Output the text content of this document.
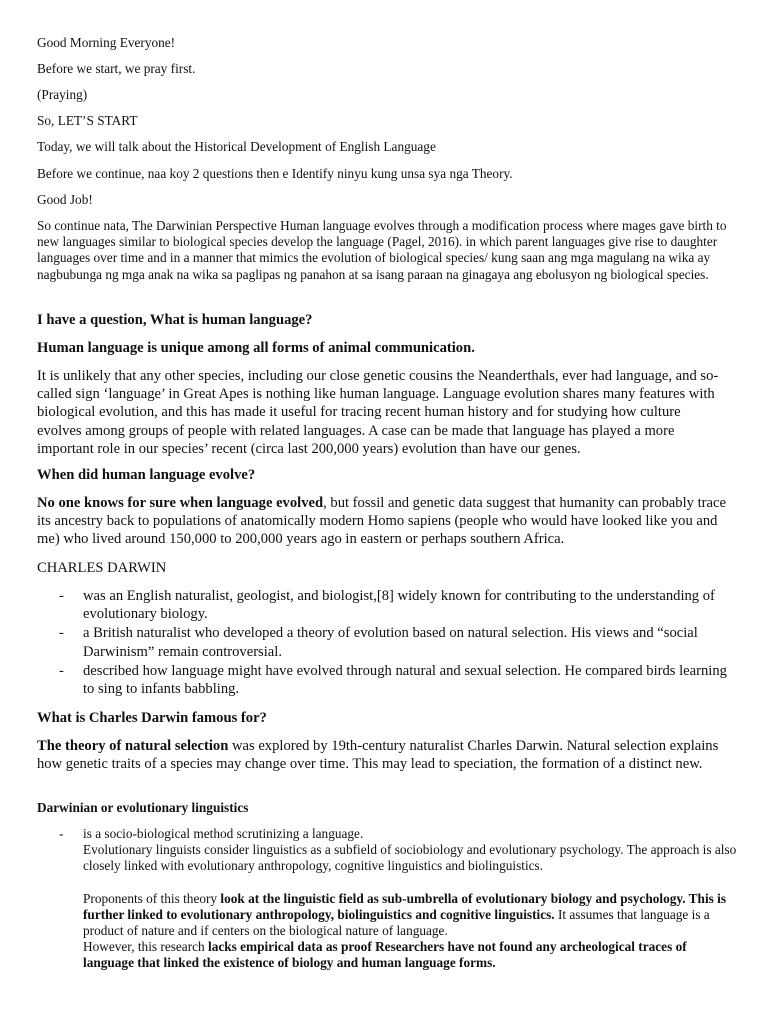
Good Morning Everyone!

Before we start, we pray first.

(Praying)

So, LET’S START

Today, we will talk about the Historical Development of English Language

Before we continue, naa koy 2 questions then e Identify ninyu kung unsa sya nga Theory.

Good Job!

So continue nata, The Darwinian Perspective Human language evolves through a modification process where mages gave birth to new languages similar to biological species develop the language (Pagel, 2016). in which parent languages give rise to daughter languages over time and in a manner that mimics the evolution of biological species/ kung saan ang mga magulang na wika ay nagbubunga ng mga anak na wika sa paglipas ng panahon at sa isang paraan na ginagaya ang ebolusyon ng biological species.

I have a question, What is human language?

Human language is unique among all forms of animal communication.

It is unlikely that any other species, including our close genetic cousins the Neanderthals, ever had language, and so-called sign ‘language’ in Great Apes is nothing like human language. Language evolution shares many features with biological evolution, and this has made it useful for tracing recent human history and for studying how culture evolves among groups of people with related languages. A case can be made that language has played a more important role in our species’ recent (circa last 200,000 years) evolution than have our genes.

When did human language evolve?

No one knows for sure when language evolved, but fossil and genetic data suggest that humanity can probably trace its ancestry back to populations of anatomically modern Homo sapiens (people who would have looked like you and me) who lived around 150,000 to 200,000 years ago in eastern or perhaps southern Africa.

CHARLES DARWIN

- was an English naturalist, geologist, and biologist,[8] widely known for contributing to the understanding of evolutionary biology.
- a British naturalist who developed a theory of evolution based on natural selection. His views and “social Darwinism” remain controversial.
- described how language might have evolved through natural and sexual selection. He compared birds learning to sing to infants babbling.

What is Charles Darwin famous for?

The theory of natural selection was explored by 19th-century naturalist Charles Darwin. Natural selection explains how genetic traits of a species may change over time. This may lead to speciation, the formation of a distinct new.

Darwinian or evolutionary linguistics

- is a socio-biological method scrutinizing a language.
Evolutionary linguists consider linguistics as a subfield of sociobiology and evolutionary psychology. The approach is also closely linked with evolutionary anthropology, cognitive linguistics and biolinguistics.
Proponents of this theory look at the linguistic field as sub-umbrella of evolutionary biology and psychology. This is further linked to evolutionary anthropology, biolinguistics and cognitive linguistics. It assumes that language is a product of nature and if centers on the biological nature of language.
However, this research lacks empirical data as proof Researchers have not found any archeological traces of language that linked the existence of biology and human language forms.
